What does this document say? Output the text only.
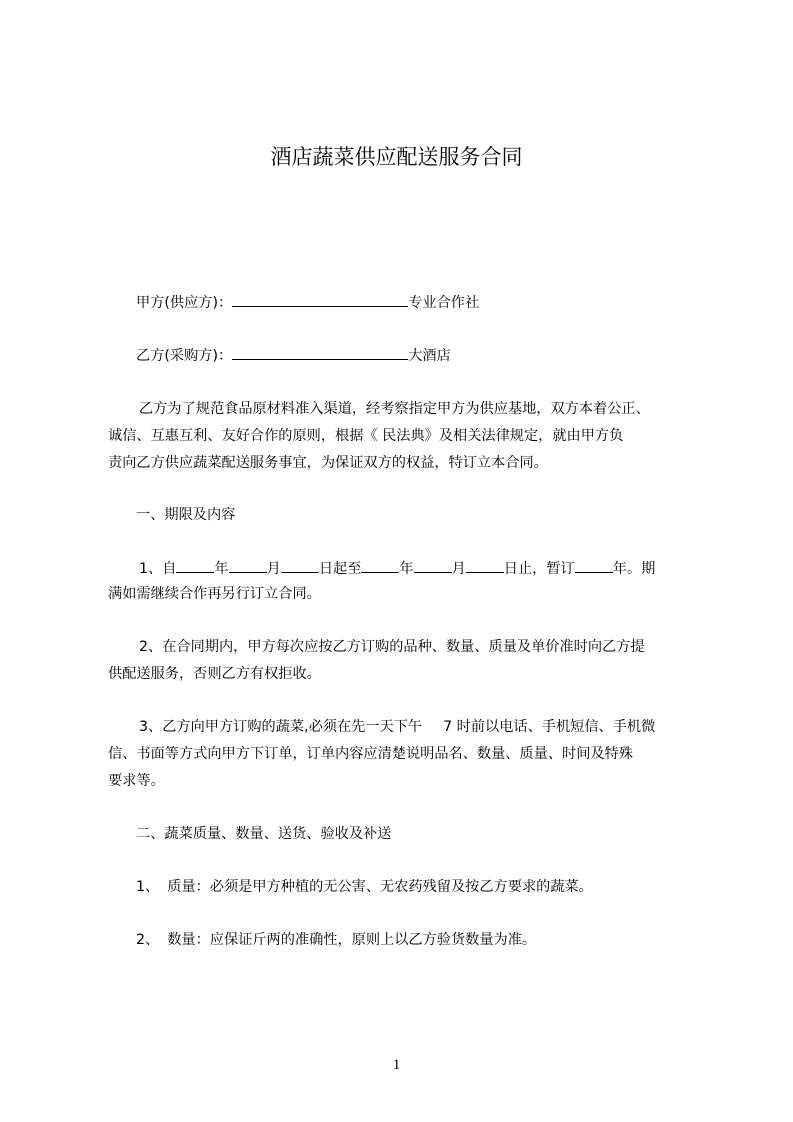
酒店蔬菜供应配送服务合同
甲方(供应方)：	专业合作社
乙方(采购方)：	大酒店
乙方为了规范食品原材料准入渠道，经考察指定甲方为供应基地，双方本着公正、
诚信、互惠互利、友好合作的原则，根据《 民法典》及相关法律规定，就由甲方负
责向乙方供应蔬菜配送服务事宜，为保证双方的权益，特订立本合同。
一、期限及内容
1、自	年	月	日起至	年	月	日止，暂订	年。期
满如需继续合作再另行订立合同。
2、在合同期内，甲方每次应按乙方订购的品种、数量、质量及单价准时向乙方提
供配送服务，否则乙方有权拒收。
3、乙方向甲方订购的蔬菜,必须在先一天下午 7 时前以电话、手机短信、手机微
信、书面等方式向甲方下订单，订单内容应清楚说明品名、数量、质量、时间及特殊
要求等。
二、蔬菜质量、数量、送货、验收及补送
1、 质量：必须是甲方种植的无公害、无农药残留及按乙方要求的蔬菜。
2、 数量：应保证斤两的准确性，原则上以乙方验货数量为准。
1
